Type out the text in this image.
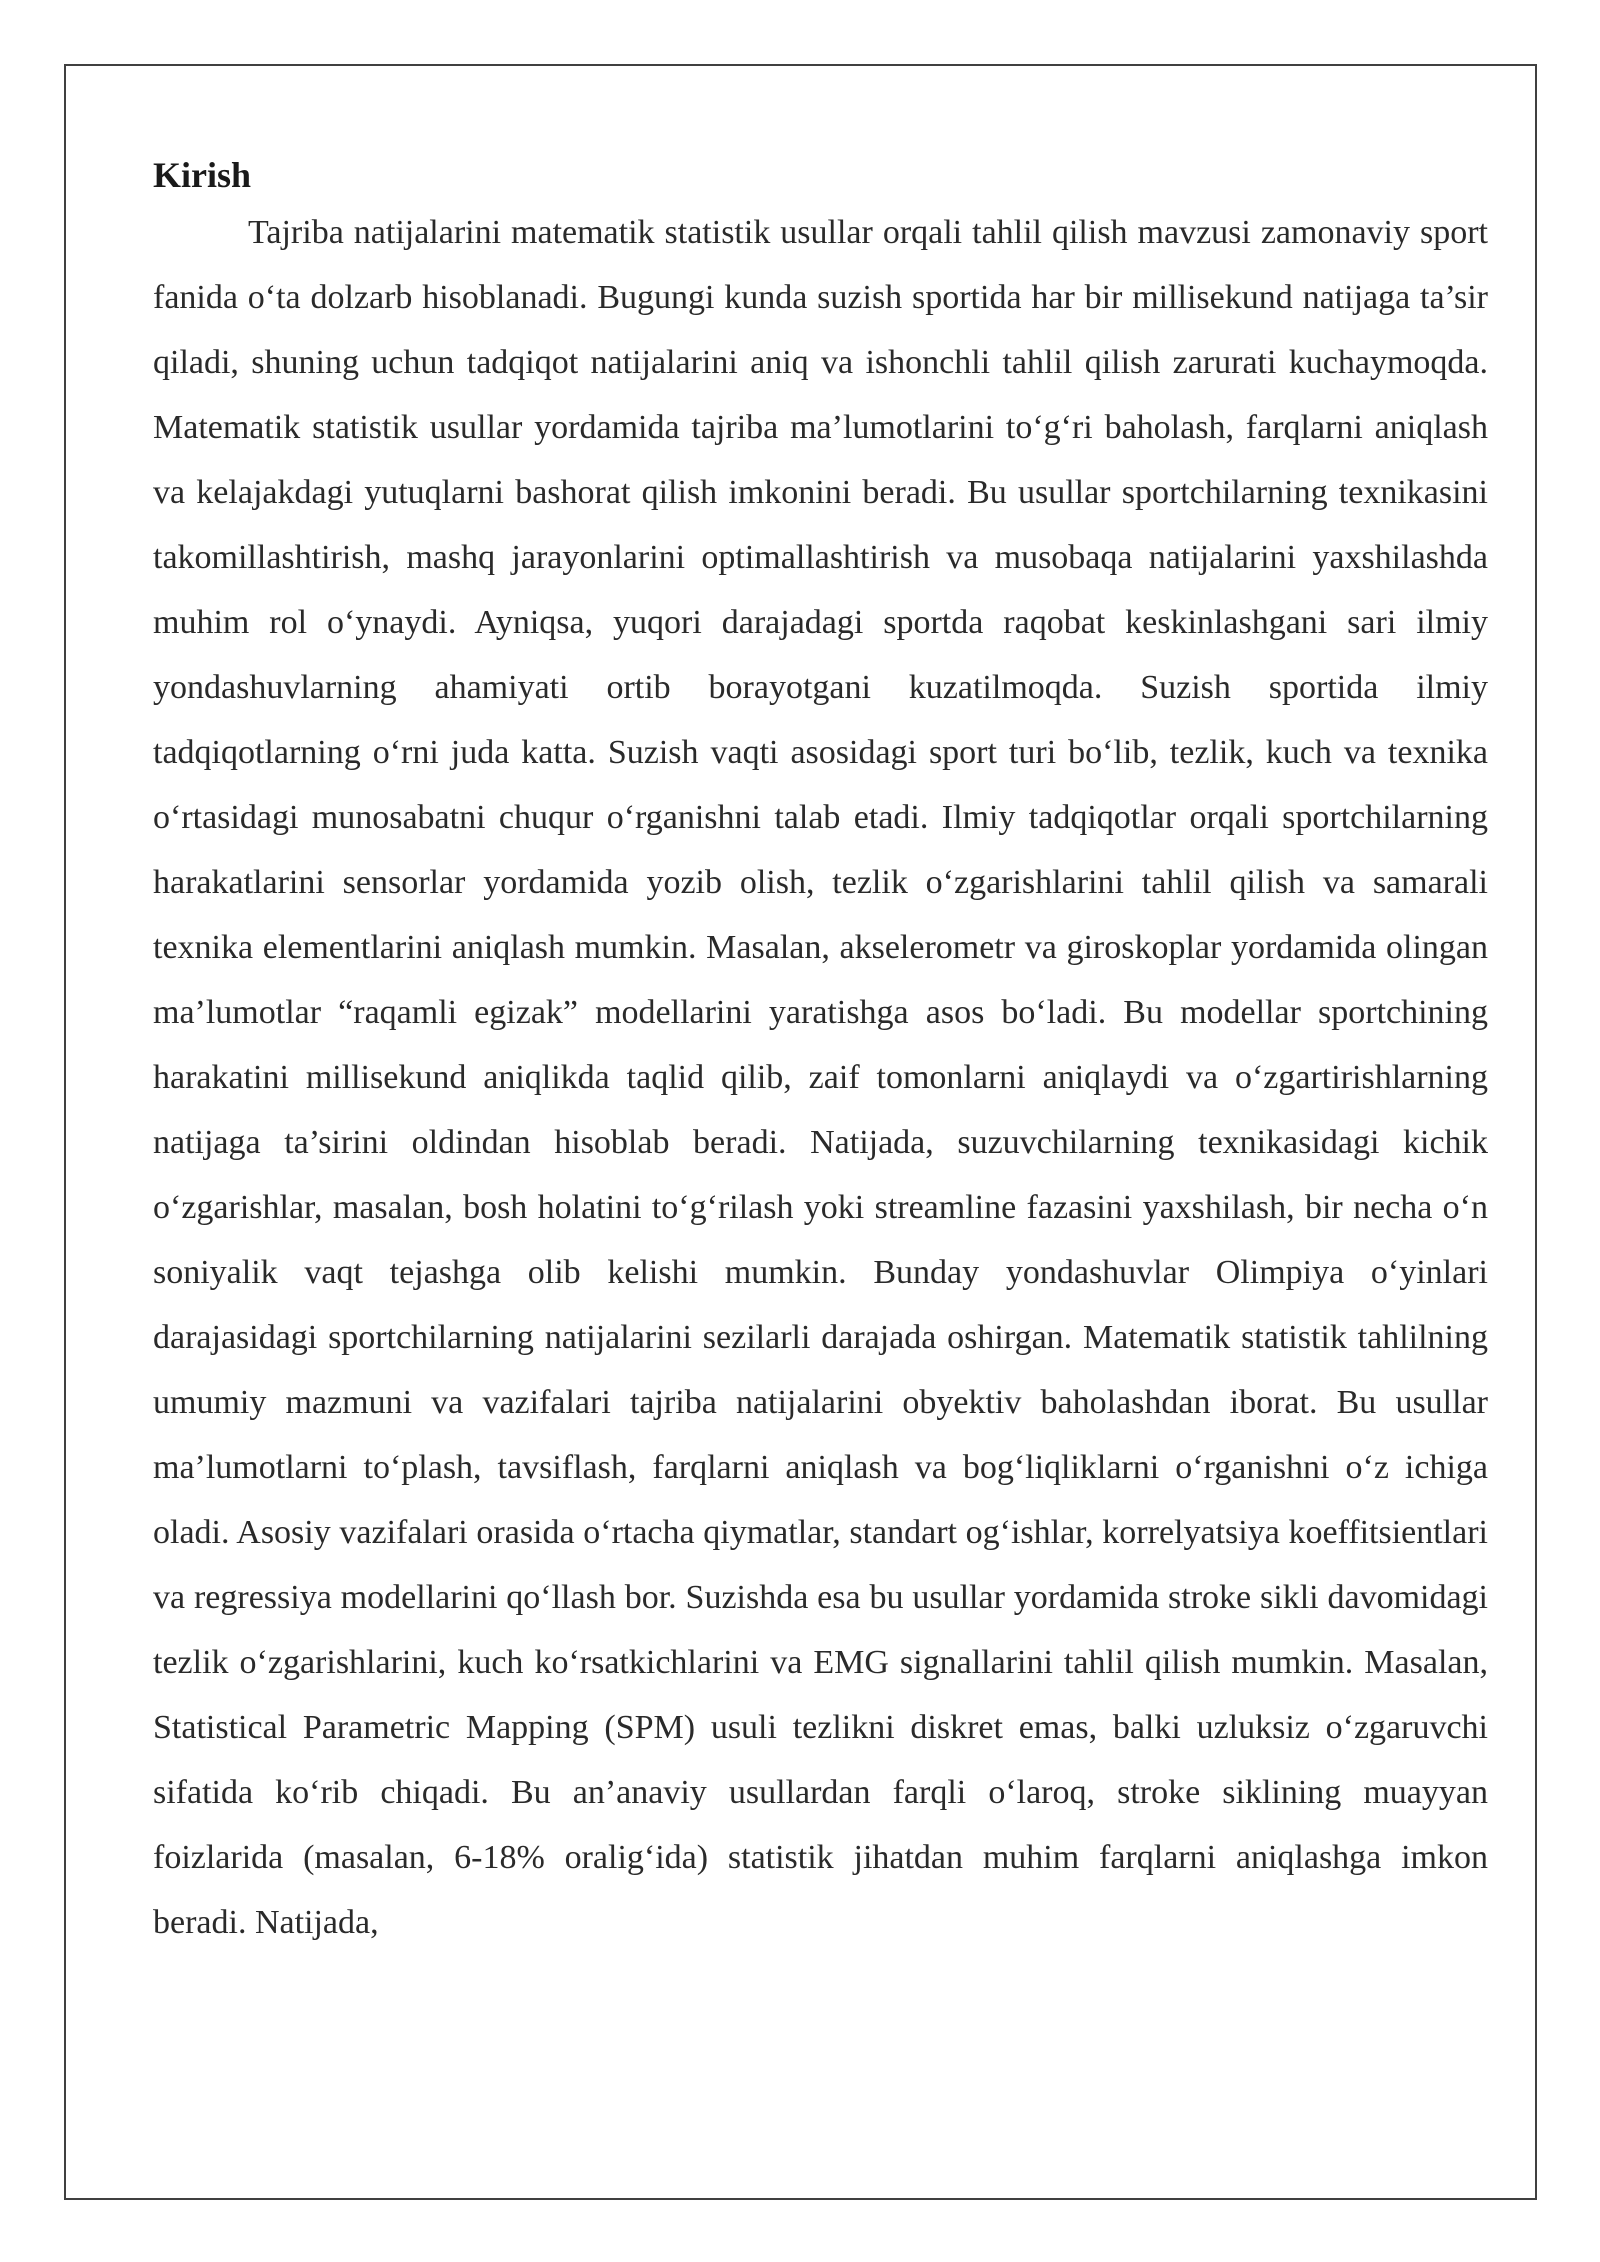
Kirish

Tajriba natijalarini matematik statistik usullar orqali tahlil qilish mavzusi zamonaviy sport fanida o‘ta dolzarb hisoblanadi. Bugungi kunda suzish sportida har bir millisekund natijaga ta’sir qiladi, shuning uchun tadqiqot natijalarini aniq va ishonchli tahlil qilish zarurati kuchaymoqda. Matematik statistik usullar yordamida tajriba ma’lumotlarini to‘g‘ri baholash, farqlarni aniqlash va kelajakdagi yutuqlarni bashorat qilish imkonini beradi. Bu usullar sportchilarning texnikasini takomillashtirish, mashq jarayonlarini optimallashtirish va musobaqa natijalarini yaxshilashda muhim rol o‘ynaydi. Ayniqsa, yuqori darajadagi sportda raqobat keskinlashgani sari ilmiy yondashuvlarning ahamiyati ortib borayotgani kuzatilmoqda. Suzish sportida ilmiy tadqiqotlarning o‘rni juda katta. Suzish vaqti asosidagi sport turi bo‘lib, tezlik, kuch va texnika o‘rtasidagi munosabatni chuqur o‘rganishni talab etadi. Ilmiy tadqiqotlar orqali sportchilarning harakatlarini sensorlar yordamida yozib olish, tezlik o‘zgarishlarini tahlil qilish va samarali texnika elementlarini aniqlash mumkin. Masalan, akselerometr va giroskoplar yordamida olingan ma’lumotlar “raqamli egizak” modellarini yaratishga asos bo‘ladi. Bu modellar sportchining harakatini millisekund aniqlikda taqlid qilib, zaif tomonlarni aniqlaydi va o‘zgartirishlarning natijaga ta’sirini oldindan hisoblab beradi. Natijada, suzuvchilarning texnikasidagi kichik o‘zgarishlar, masalan, bosh holatini to‘g‘rilash yoki streamline fazasini yaxshilash, bir necha o‘n soniyalik vaqt tejashga olib kelishi mumkin. Bunday yondashuvlar Olimpiya o‘yinlari darajasidagi sportchilarning natijalarini sezilarli darajada oshirgan. Matematik statistik tahlilning umumiy mazmuni va vazifalari tajriba natijalarini obyektiv baholashdan iborat. Bu usullar ma’lumotlarni to‘plash, tavsiflash, farqlarni aniqlash va bog‘liqliklarni o‘rganishni o‘z ichiga oladi. Asosiy vazifalari orasida o‘rtacha qiymatlar, standart og‘ishlar, korrelyatsiya koeffitsientlari va regressiya modellarini qo‘llash bor. Suzishda esa bu usullar yordamida stroke sikli davomidagi tezlik o‘zgarishlarini, kuch ko‘rsatkichlarini va EMG signallarini tahlil qilish mumkin. Masalan, Statistical Parametric Mapping (SPM) usuli tezlikni diskret emas, balki uzluksiz o‘zgaruvchi sifatida ko‘rib chiqadi. Bu an’anaviy usullardan farqli o‘laroq, stroke siklining muayyan foizlarida (masalan, 6-18% oralig‘ida) statistik jihatdan muhim farqlarni aniqlashga imkon beradi. Natijada,
